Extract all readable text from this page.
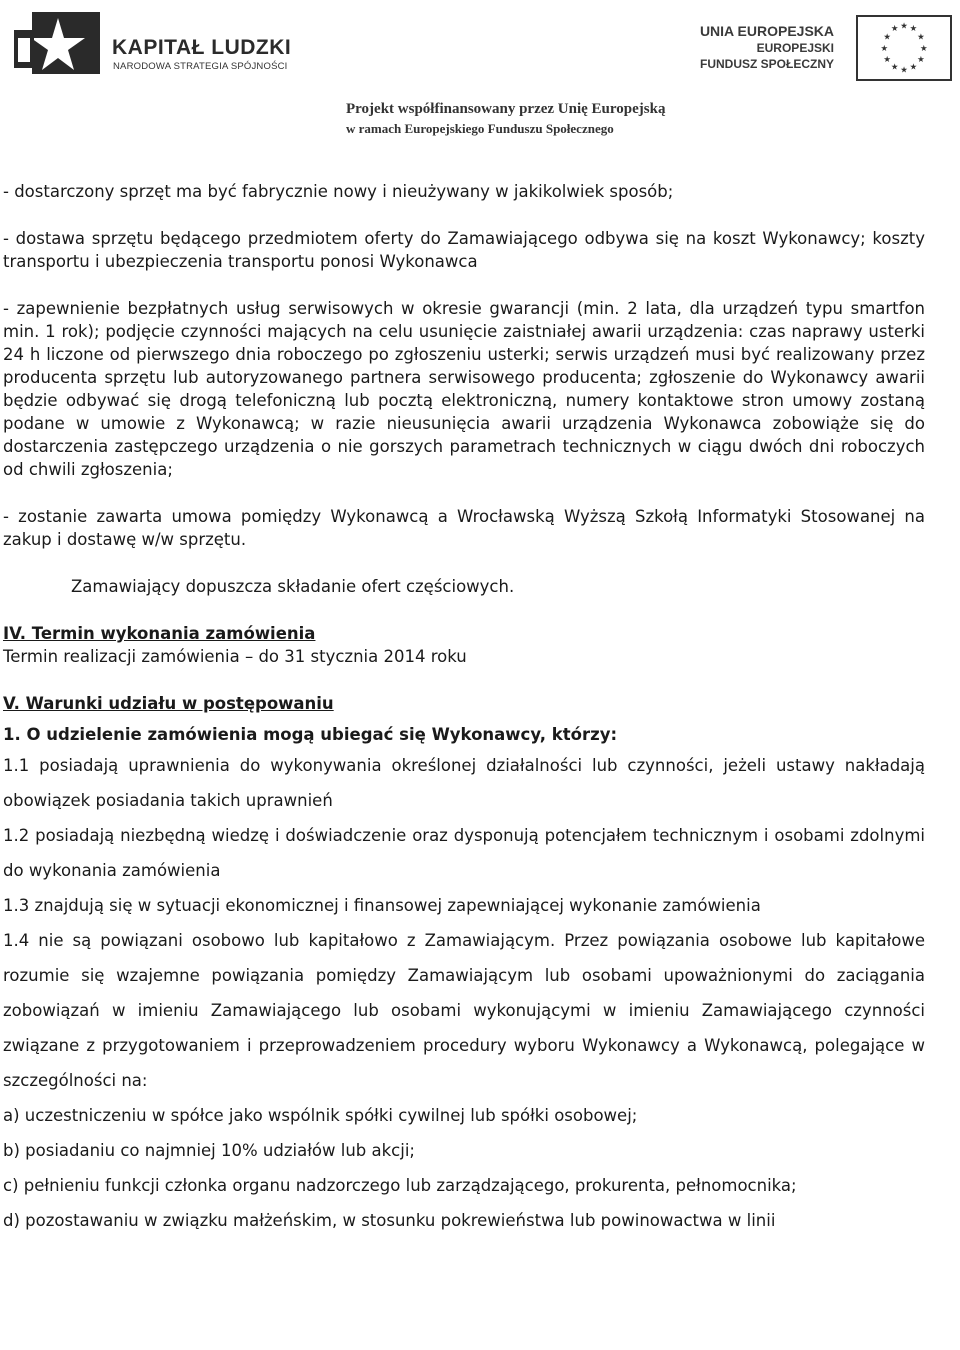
KAPITAŁ LUDZKI
NARODOWA STRATEGIA SPÓJNOŚCI
UNIA EUROPEJSKA
EUROPEJSKI
FUNDUSZ SPOŁECZNY
★ ★
★
★
★
★
★
★
★
★
★
★
Projekt współfinansowany przez Unię Europejską
w ramach Europejskiego Funduszu Społecznego

- dostarczony sprzęt ma być fabrycznie nowy i nieużywany w jakikolwiek sposób;

- dostawa sprzętu będącego przedmiotem oferty do Zamawiającego odbywa się na koszt Wykonawcy; koszty transportu i ubezpieczenia transportu ponosi Wykonawca

- zapewnienie bezpłatnych usług serwisowych w okresie gwarancji (min. 2 lata, dla urządzeń typu smartfon min. 1 rok); podjęcie czynności mających na celu usunięcie zaistniałej awarii urządzenia: czas naprawy usterki 24 h liczone od pierwszego dnia roboczego po zgłoszeniu usterki; serwis urządzeń musi być realizowany przez producenta sprzętu lub autoryzowanego partnera serwisowego producenta; zgłoszenie do Wykonawcy awarii będzie odbywać się drogą telefoniczną lub pocztą elektroniczną, numery kontaktowe stron umowy zostaną podane w umowie z Wykonawcą; w razie nieusunięcia awarii urządzenia Wykonawca zobowiąże się do dostarczenia zastępczego urządzenia o nie gorszych parametrach technicznych w ciągu dwóch dni roboczych od chwili zgłoszenia;

- zostanie zawarta umowa pomiędzy Wykonawcą a Wrocławską Wyższą Szkołą Informatyki Stosowanej na zakup i dostawę w/w sprzętu.

Zamawiający dopuszcza składanie ofert częściowych.

IV. Termin wykonania zamówienia

Termin realizacji zamówienia – do 31 stycznia 2014 roku

V. Warunki udziału w postępowaniu

1. O udzielenie zamówienia mogą ubiegać się Wykonawcy, którzy:

1.1 posiadają uprawnienia do wykonywania określonej działalności lub czynności, jeżeli ustawy nakładają obowiązek posiadania takich uprawnień

1.2 posiadają niezbędną wiedzę i doświadczenie oraz dysponują potencjałem technicznym i osobami zdolnymi do wykonania zamówienia

1.3 znajdują się w sytuacji ekonomicznej i finansowej zapewniającej wykonanie zamówienia

1.4 nie są powiązani osobowo lub kapitałowo z Zamawiającym. Przez powiązania osobowe lub kapitałowe rozumie się wzajemne powiązania pomiędzy Zamawiającym lub osobami upoważnionymi do zaciągania zobowiązań w imieniu Zamawiającego lub osobami wykonującymi w imieniu Zamawiającego czynności związane z przygotowaniem i przeprowadzeniem procedury wyboru Wykonawcy a Wykonawcą, polegające w szczególności na:

a) uczestniczeniu w spółce jako wspólnik spółki cywilnej lub spółki osobowej;

b) posiadaniu co najmniej 10% udziałów lub akcji;

c) pełnieniu funkcji członka organu nadzorczego lub zarządzającego, prokurenta, pełnomocnika;

d) pozostawaniu w związku małżeńskim, w stosunku pokrewieństwa lub powinowactwa w linii
